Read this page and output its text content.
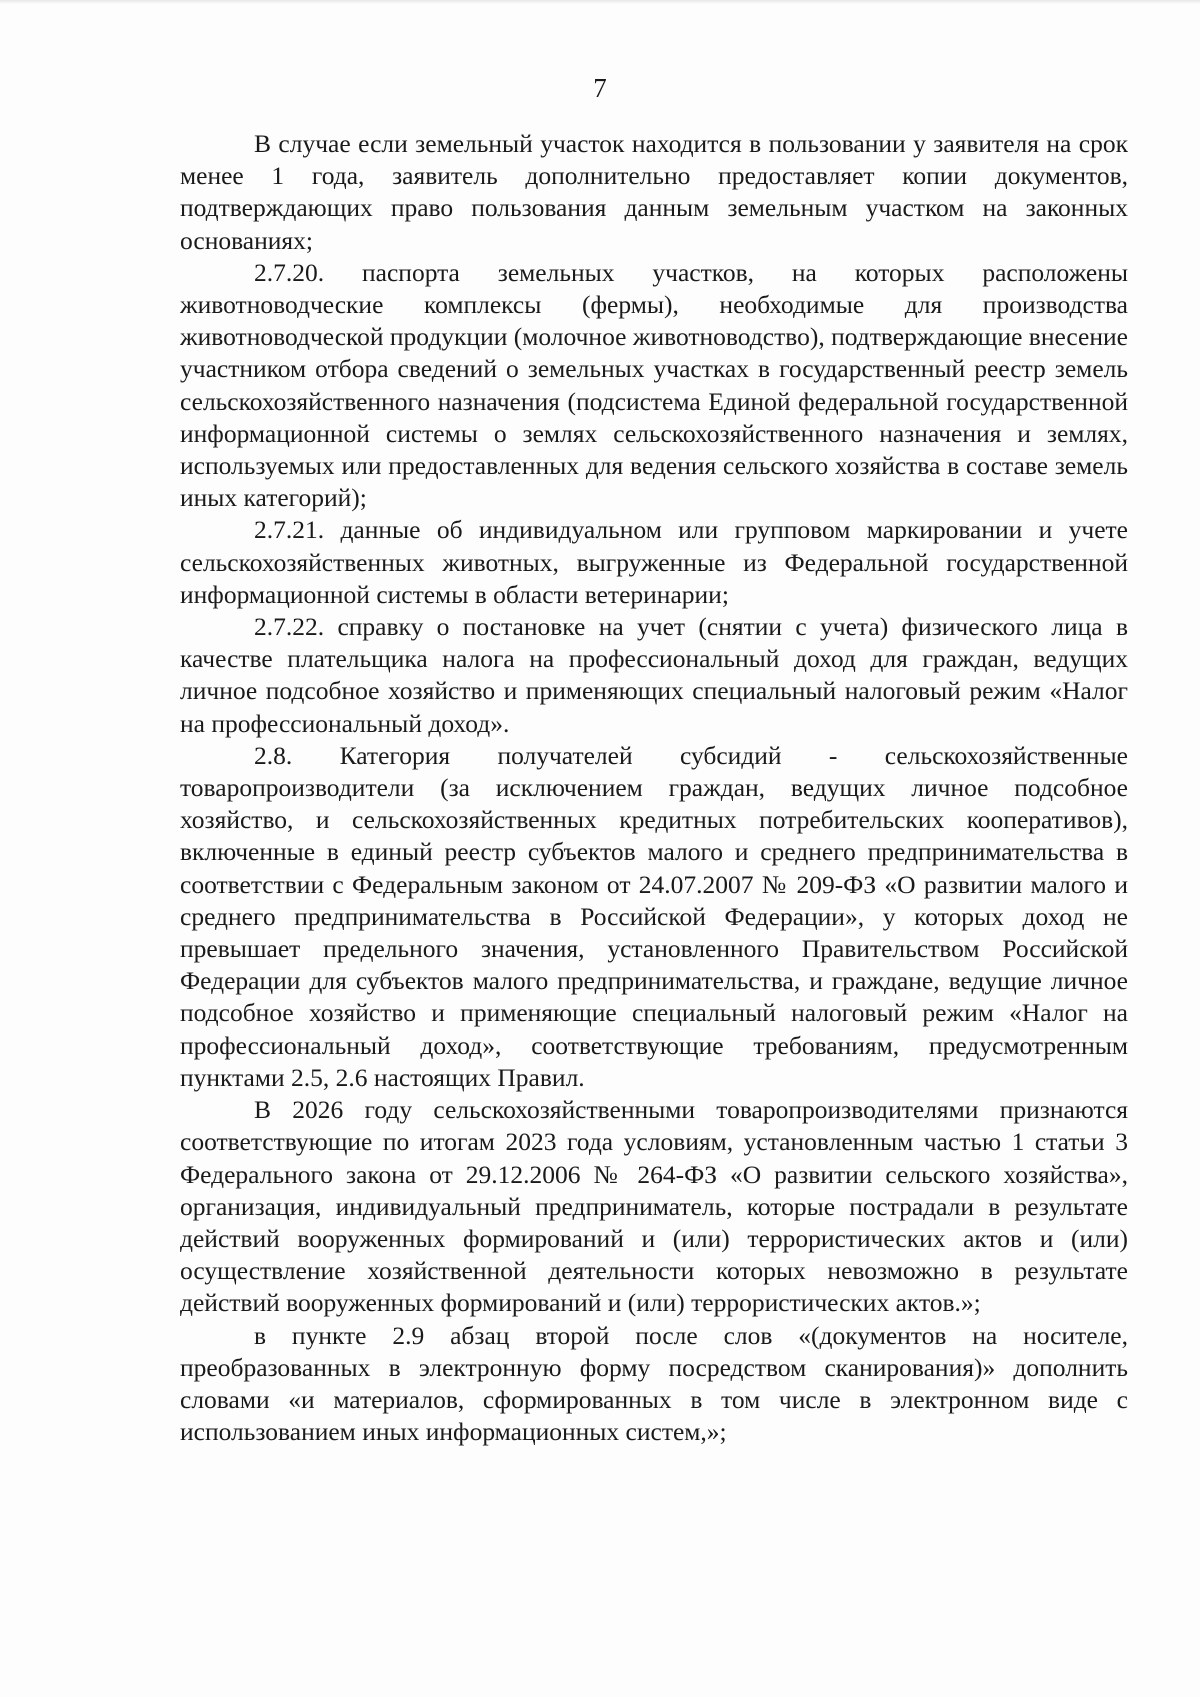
7

В случае если земельный участок находится в пользовании у заявителя на срок менее 1 года, заявитель дополнительно предоставляет копии документов, подтверждающих право пользования данным земельным участком на законных основаниях;

2.7.20. паспорта земельных участков, на которых расположены животноводческие комплексы (фермы), необходимые для производства животноводческой продукции (молочное животноводство), подтверждающие внесение участником отбора сведений о земельных участках в государственный реестр земель сельскохозяйственного назначения (подсистема Единой федеральной государственной информационной системы о землях сельскохозяйственного назначения и землях, используемых или предоставленных для ведения сельского хозяйства в составе земель иных категорий);

2.7.21. данные об индивидуальном или групповом маркировании и учете сельскохозяйственных животных, выгруженные из Федеральной государственной информационной системы в области ветеринарии;

2.7.22. справку о постановке на учет (снятии с учета) физического лица в качестве плательщика налога на профессиональный доход для граждан, ведущих личное подсобное хозяйство и применяющих специальный налоговый режим «Налог на профессиональный доход».

2.8. Категория получателей субсидий - сельскохозяйственные товаропроизводители (за исключением граждан, ведущих личное подсобное хозяйство, и сельскохозяйственных кредитных потребительских кооперативов), включенные в единый реестр субъектов малого и среднего предпринимательства в соответствии с Федеральным законом от 24.07.2007 № 209-ФЗ «О развитии малого и среднего предпринимательства в Российской Федерации», у которых доход не превышает предельного значения, установленного Правительством Российской Федерации для субъектов малого предпринимательства, и граждане, ведущие личное подсобное хозяйство и применяющие специальный налоговый режим «Налог на профессиональный доход», соответствующие требованиям, предусмотренным пунктами 2.5, 2.6 настоящих Правил.

В 2026 году сельскохозяйственными товаропроизводителями признаются соответствующие по итогам 2023 года условиям, установленным частью 1 статьи 3 Федерального закона от 29.12.2006 № 264-ФЗ «О развитии сельского хозяйства», организация, индивидуальный предприниматель, которые пострадали в результате действий вооруженных формирований и (или) террористических актов и (или) осуществление хозяйственной деятельности которых невозможно в результате действий вооруженных формирований и (или) террористических актов.»;

в пункте 2.9 абзац второй после слов «(документов на носителе, преобразованных в электронную форму посредством сканирования)» дополнить словами «и материалов, сформированных в том числе в электронном виде с использованием иных информационных систем,»;
